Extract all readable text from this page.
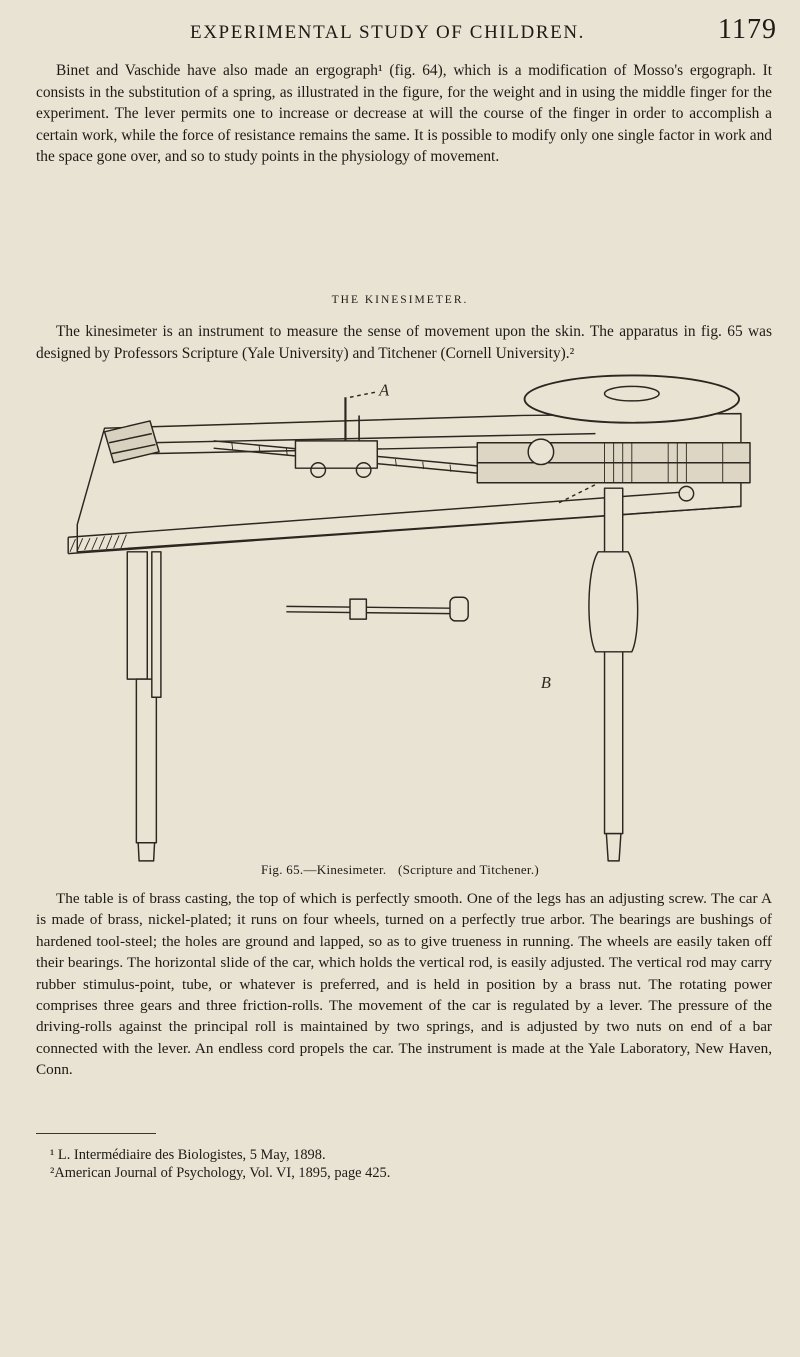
EXPERIMENTAL STUDY OF CHILDREN.	1179

Binet and Vaschide have also made an ergograph¹ (fig. 64), which is a modification of Mosso's ergograph. It consists in the substitution of a spring, as illustrated in the figure, for the weight and in using the middle finger for the experiment. The lever permits one to increase or decrease at will the course of the finger in order to accomplish a certain work, while the force of resistance remains the same. It is possible to modify only one single factor in work and the space gone over, and so to study points in the physiology of movement.

THE KINESIMETER.

The kinesimeter is an instrument to measure the sense of movement upon the skin. The apparatus in fig. 65 was designed by Professors Scripture (Yale University) and Titchener (Cornell University).²

A
B
Fig. 65.—Kinesimeter. (Scripture and Titchener.)

The table is of brass casting, the top of which is perfectly smooth. One of the legs has an adjusting screw. The car A is made of brass, nickel-plated; it runs on four wheels, turned on a perfectly true arbor. The bearings are bushings of hardened tool-steel; the holes are ground and lapped, so as to give trueness in running. The wheels are easily taken off their bearings. The horizontal slide of the car, which holds the vertical rod, is easily adjusted. The vertical rod may carry rubber stimulus-point, tube, or whatever is preferred, and is held in position by a brass nut. The rotating power comprises three gears and three friction-rolls. The movement of the car is regulated by a lever. The pressure of the driving-rolls against the principal roll is maintained by two springs, and is adjusted by two nuts on end of a bar connected with the lever. An endless cord propels the car. The instrument is made at the Yale Laboratory, New Haven, Conn.

¹ L. Intermédiaire des Biologistes, 5 May, 1898.
²American Journal of Psychology, Vol. VI, 1895, page 425.
